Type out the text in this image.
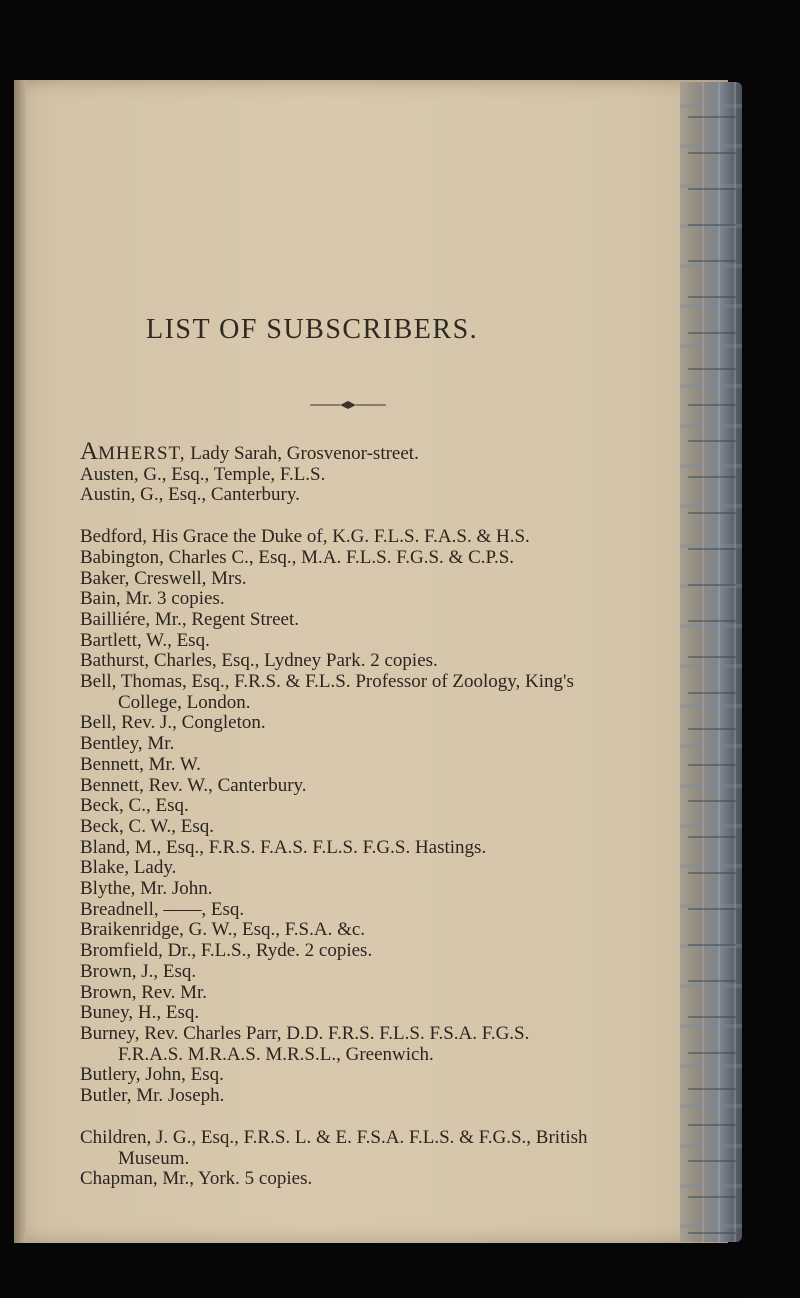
LIST OF SUBSCRIBERS.

AMHERST, Lady Sarah, Grosvenor-street.

Austen, G., Esq., Temple, F.L.S.

Austin, G., Esq., Canterbury.

Bedford, His Grace the Duke of, K.G. F.L.S. F.A.S. & H.S.

Babington, Charles C., Esq., M.A. F.L.S. F.G.S. & C.P.S.

Baker, Creswell, Mrs.

Bain, Mr. 3 copies.

Bailliére, Mr., Regent Street.

Bartlett, W., Esq.

Bathurst, Charles, Esq., Lydney Park. 2 copies.

Bell, Thomas, Esq., F.R.S. & F.L.S. Professor of Zoology, King's

College, London.

Bell, Rev. J., Congleton.

Bentley, Mr.

Bennett, Mr. W.

Bennett, Rev. W., Canterbury.

Beck, C., Esq.

Beck, C. W., Esq.

Bland, M., Esq., F.R.S. F.A.S. F.L.S. F.G.S. Hastings.

Blake, Lady.

Blythe, Mr. John.

Breadnell, ——, Esq.

Braikenridge, G. W., Esq., F.S.A. &c.

Bromfield, Dr., F.L.S., Ryde. 2 copies.

Brown, J., Esq.

Brown, Rev. Mr.

Buney, H., Esq.

Burney, Rev. Charles Parr, D.D. F.R.S. F.L.S. F.S.A. F.G.S.

F.R.A.S. M.R.A.S. M.R.S.L., Greenwich.

Butlery, John, Esq.

Butler, Mr. Joseph.

Children, J. G., Esq., F.R.S. L. & E. F.S.A. F.L.S. & F.G.S., British

Museum.

Chapman, Mr., York. 5 copies.
